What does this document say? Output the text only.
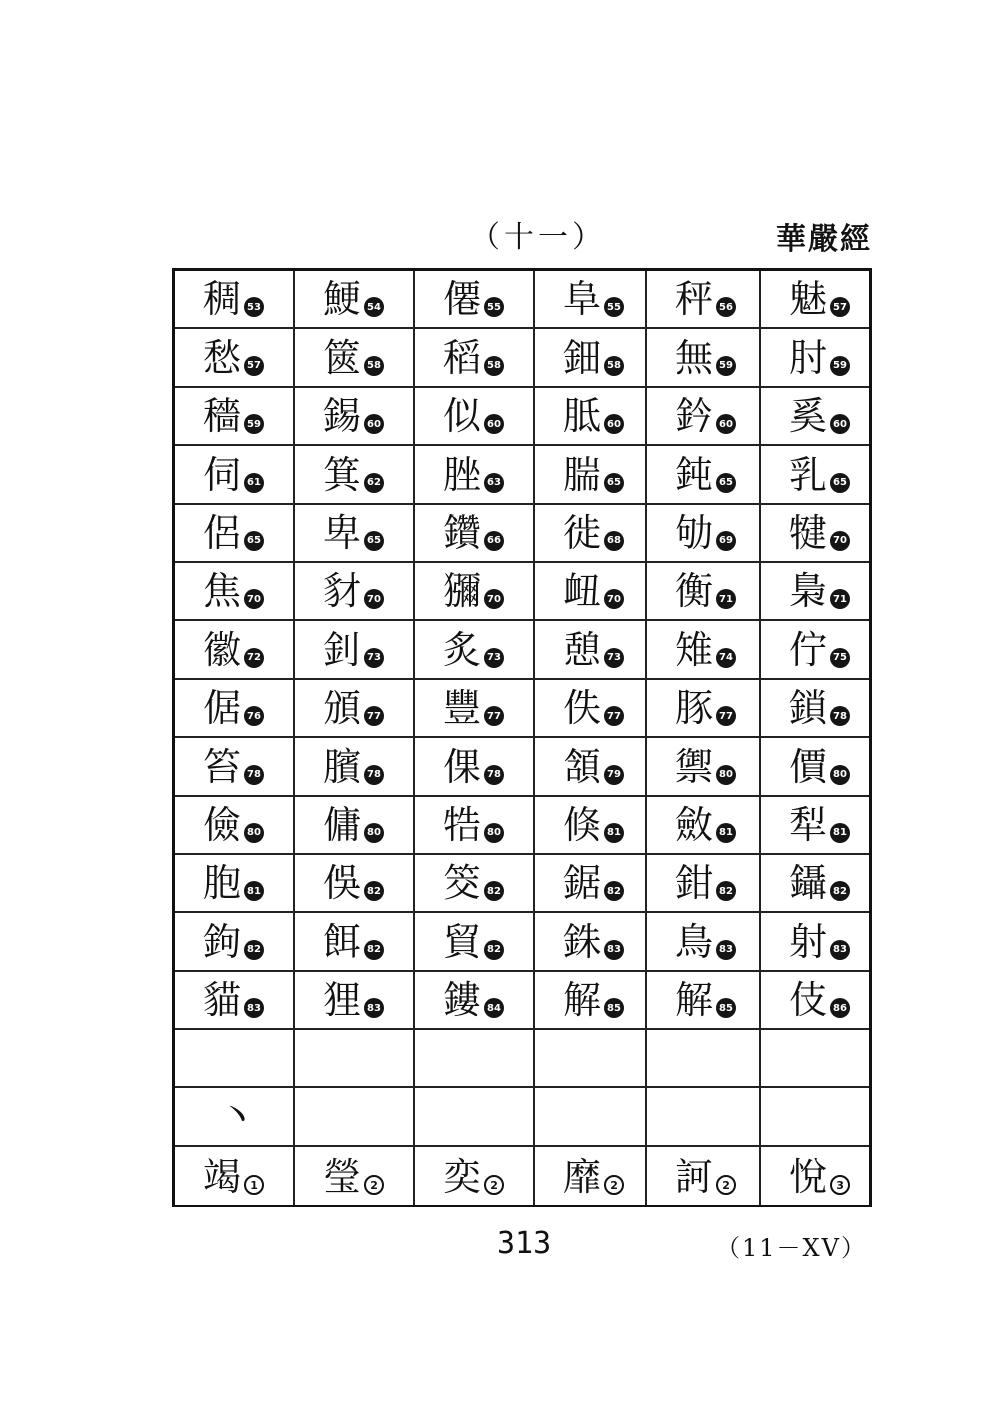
（十一）	華嚴經
稠 53 鯁 54 僊 55 阜 55 秤 56 魅 57
愁 57 篋 58 稻 58 鈿 58 無 59 肘 59
穡 59 錫 60 似 60 胝 60 鈐 60 奚 60
伺 61 箕 62 脞 63 腨 65 鈍 65 乳 65
侶 65 卑 65 鑽 66 徙 68 劬 69 犍 70
焦 70 豺 70 獼 70 衄 70 衡 71 梟 71
徽 72 釗 73 炙 73 憩 73 雉 74 佇 75
倨 76 頒 77 豐 77 佚 77 豚 77 鎖 78
笞 78 臏 78 倮 78 頷 79 禦 80 價 80
儉 80 傭 80 牿 80 倏 81 斂 81 犁 81
胞 81 俁 82 筊 82 鋸 82 鉗 82 鑷 82
鉤 82 餌 82 貿 82 銖 83 鳥 83 射 83
貓 83 狸 83 鏤 84 解 85 解 85 伎 86
丶
竭 1 瑩 2 奕 2 靡 2 訶 2 悅 3
313	（11－XV）
